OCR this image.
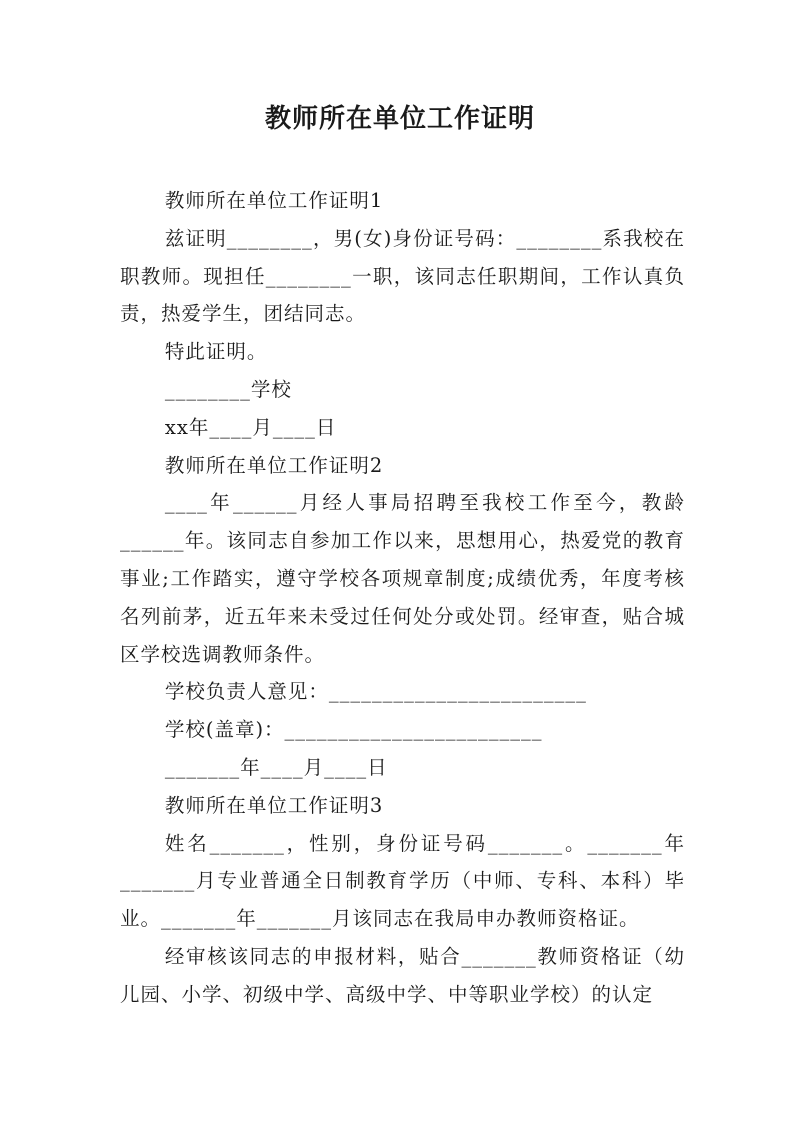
教师所在单位工作证明

教师所在单位工作证明1

兹证明________，男(女)身份证号码：________系我校在职教师。现担任________一职，该同志任职期间，工作认真负责，热爱学生，团结同志。

特此证明。

________学校

xx年____月____日

教师所在单位工作证明2

____年______月经人事局招聘至我校工作至今，教龄______年。该同志自参加工作以来，思想用心，热爱党的教育事业;工作踏实，遵守学校各项规章制度;成绩优秀，年度考核名列前茅，近五年来未受过任何处分或处罚。经审查，贴合城区学校选调教师条件。

学校负责人意见：________________________

学校(盖章)：________________________

_______年____月____日

教师所在单位工作证明3

姓名_______，性别，身份证号码_______。_______年_______月专业普通全日制教育学历（中师、专科、本科）毕业。_______年_______月该同志在我局申办教师资格证。

经审核该同志的申报材料，贴合_______教师资格证（幼儿园、小学、初级中学、高级中学、中等职业学校）的认定
